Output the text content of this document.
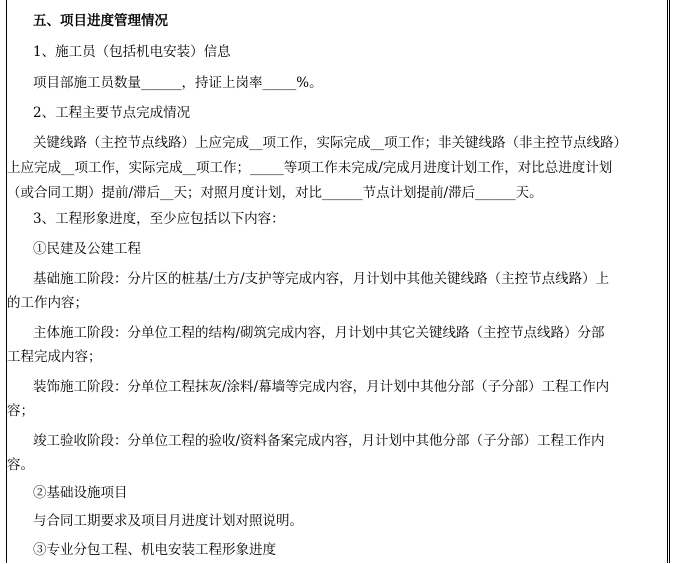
五、项目进度管理情况

1、施工员（包括机电安装）信息

项目部施工员数量______，持证上岗率_____%。

2、工程主要节点完成情况

关键线路（主控节点线路）上应完成__项工作，实际完成__项工作；非关键线路（非主控节点线路）

上应完成__项工作，实际完成__项工作；_____等项工作未完成/完成月进度计划工作，对比总进度计划

（或合同工期）提前/滞后__天；对照月度计划，对比______节点计划提前/滞后______天。

3、工程形象进度，至少应包括以下内容：

①民建及公建工程

基础施工阶段：分片区的桩基/土方/支护等完成内容，月计划中其他关键线路（主控节点线路）上

的工作内容；

主体施工阶段：分单位工程的结构/砌筑完成内容，月计划中其它关键线路（主控节点线路）分部

工程完成内容；

装饰施工阶段：分单位工程抹灰/涂料/幕墙等完成内容，月计划中其他分部（子分部）工程工作内

容；

竣工验收阶段：分单位工程的验收/资料备案完成内容，月计划中其他分部（子分部）工程工作内

容。

②基础设施项目

与合同工期要求及项目月进度计划对照说明。

③专业分包工程、机电安装工程形象进度
